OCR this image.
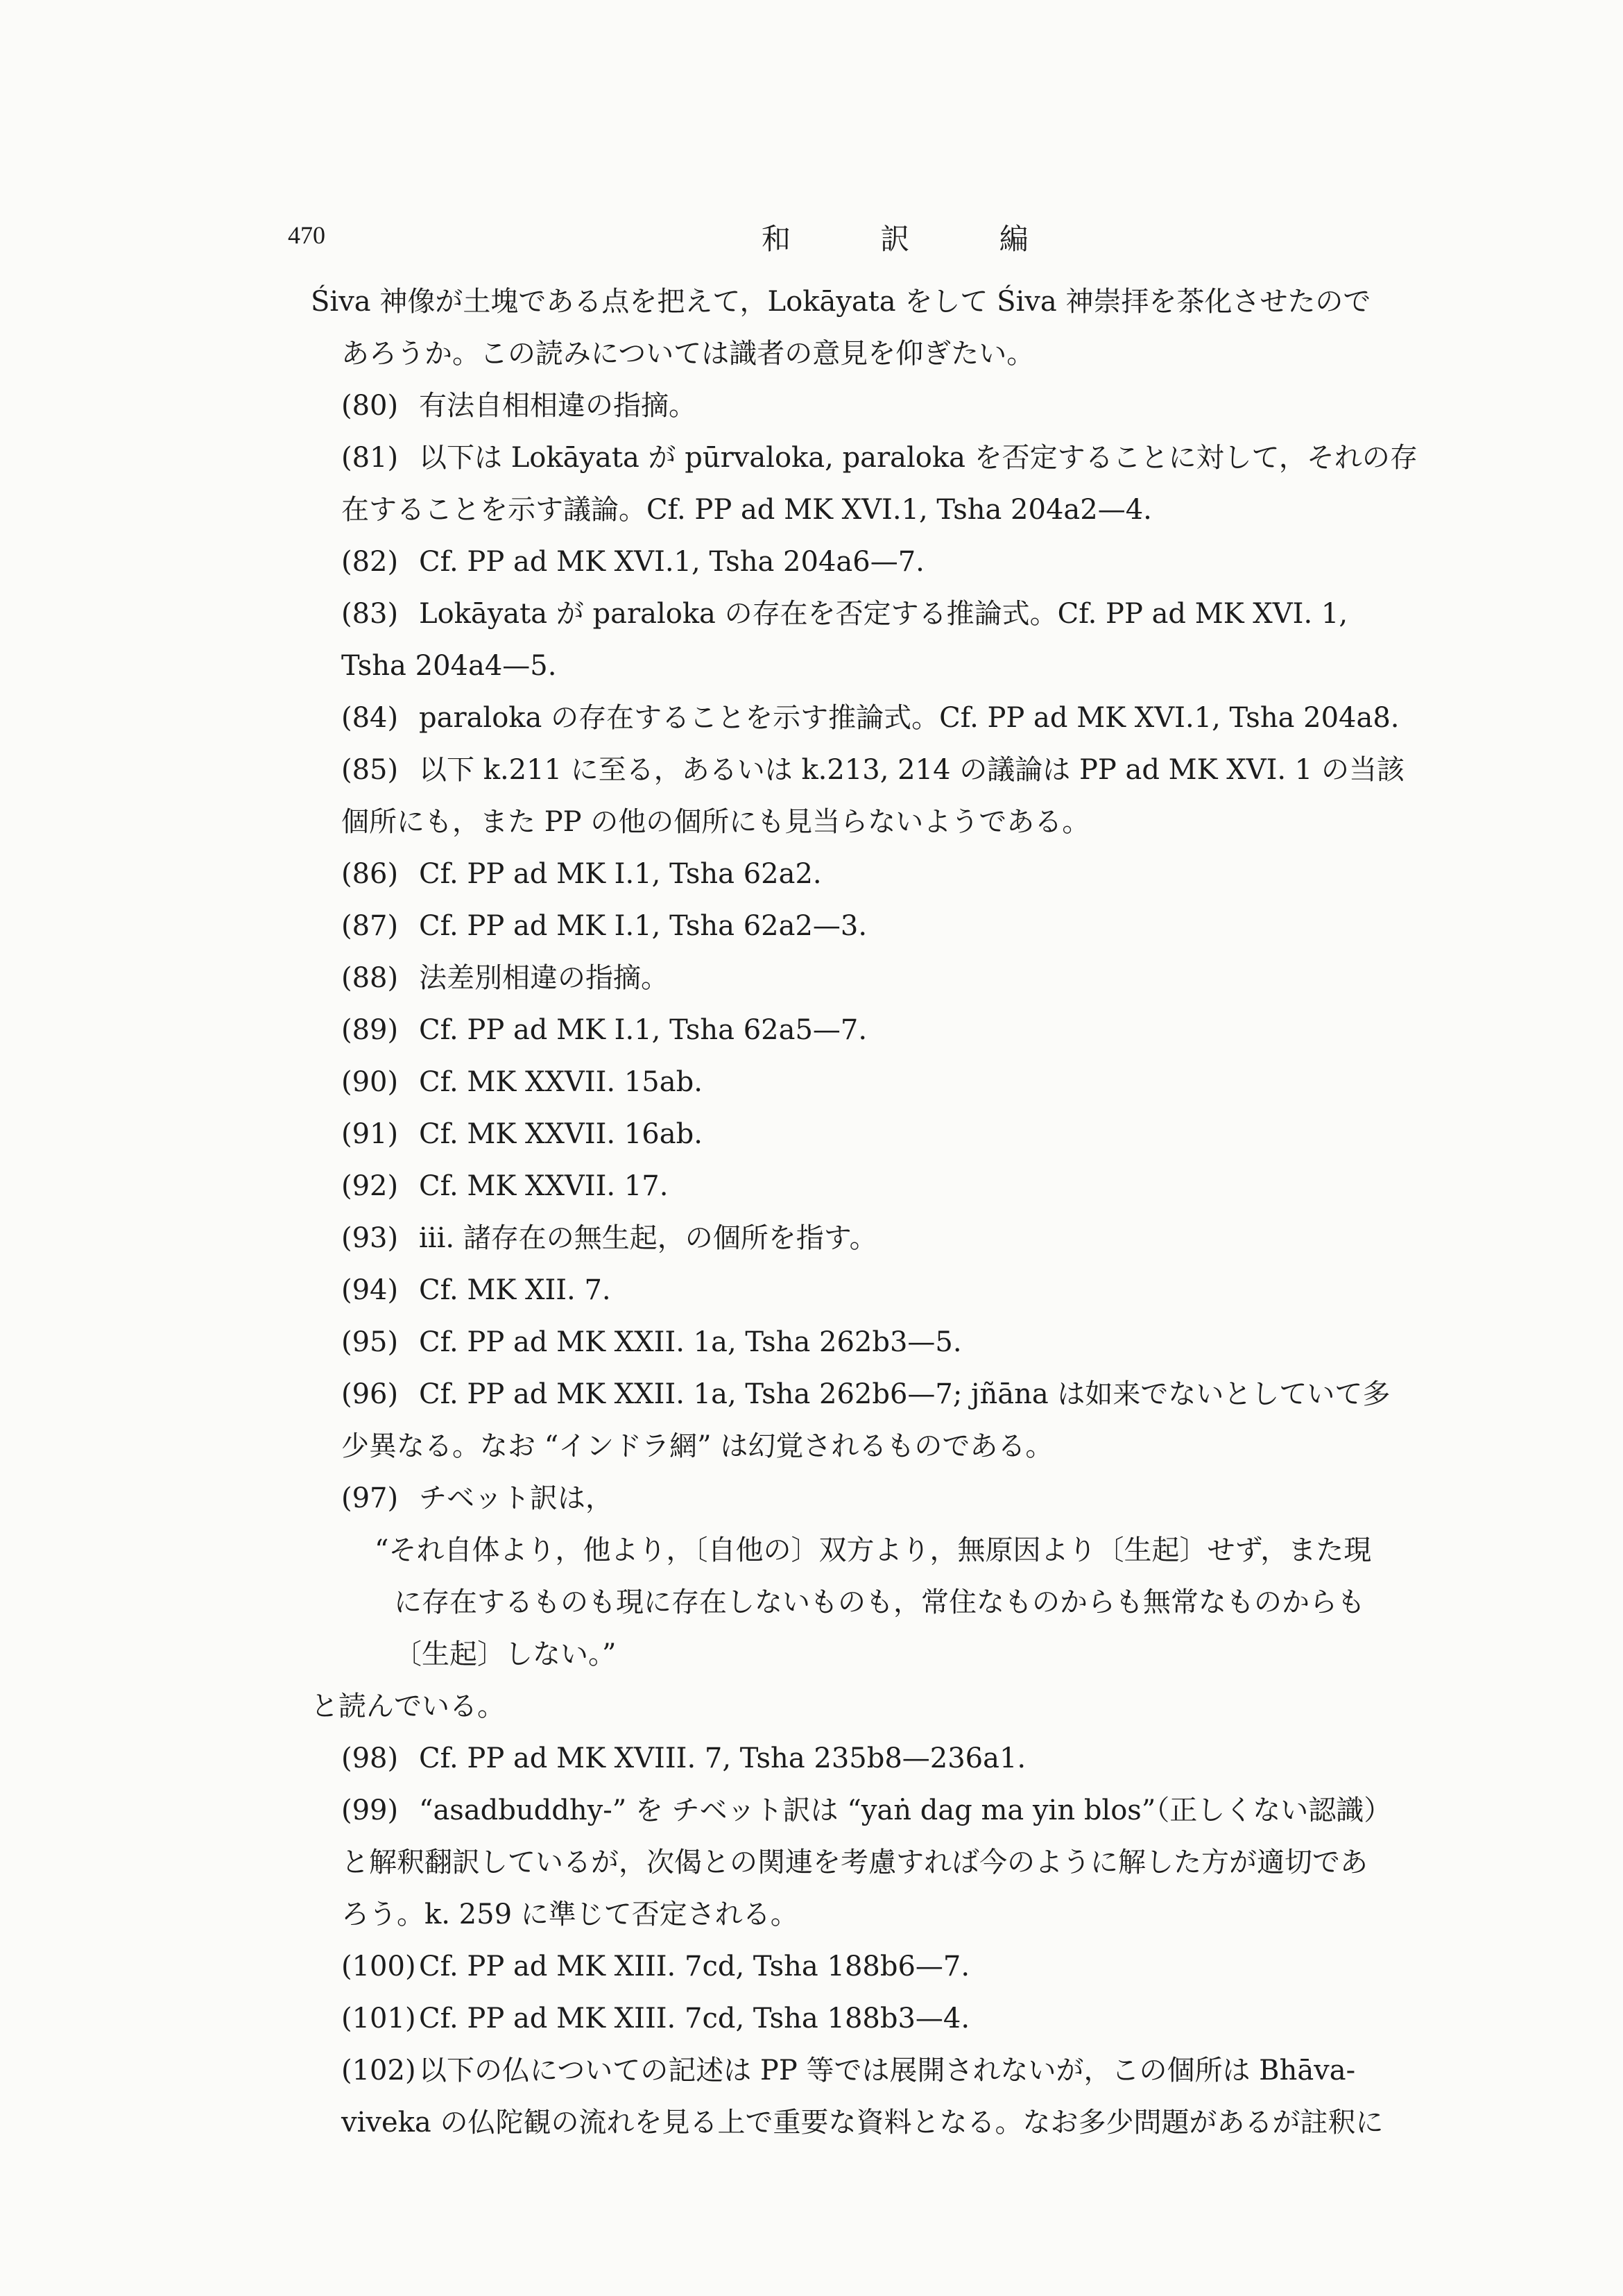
470	和 訳 編
Śiva 神像が土塊である点を把えて，Lokāyata をして Śiva 神崇拝を茶化させたので
あろうか。この読みについては識者の意見を仰ぎたい。
(80) 有法自相相違の指摘。
(81) 以下は Lokāyata が pūrvaloka, paraloka を否定することに対して，それの存
在することを示す議論。Cf. PP ad MK XVI.1, Tsha 204a2—4.
(82) Cf. PP ad MK XVI.1, Tsha 204a6—7.
(83) Lokāyata が paraloka の存在を否定する推論式。Cf. PP ad MK XVI. 1,
Tsha 204a4—5.
(84) paraloka の存在することを示す推論式。Cf. PP ad MK XVI.1, Tsha 204a8.
(85) 以下 k.211 に至る，あるいは k.213, 214 の議論は PP ad MK XVI. 1 の当該
個所にも，また PP の他の個所にも見当らないようである。
(86) Cf. PP ad MK I.1, Tsha 62a2.
(87) Cf. PP ad MK I.1, Tsha 62a2—3.
(88) 法差別相違の指摘。
(89) Cf. PP ad MK I.1, Tsha 62a5—7.
(90) Cf. MK XXVII. 15ab.
(91) Cf. MK XXVII. 16ab.
(92) Cf. MK XXVII. 17.
(93) iii. 諸存在の無生起，の個所を指す。
(94) Cf. MK XII. 7.
(95) Cf. PP ad MK XXII. 1a, Tsha 262b3—5.
(96) Cf. PP ad MK XXII. 1a, Tsha 262b6—7; jñāna は如来でないとしていて多
少異なる。なお “インドラ網” は幻覚されるものである。
(97) チベット訳は，
“それ自体より，他より，〔自他の〕双方より，無原因より〔生起〕せず，また現
に存在するものも現に存在しないものも，常住なものからも無常なものからも
〔生起〕しない。”
と読んでいる。
(98) Cf. PP ad MK XVIII. 7, Tsha 235b8—236a1.
(99) “asadbuddhy-” を チベット訳は “yaṅ dag ma yin blos”（正しくない認識）
と解釈翻訳しているが，次偈との関連を考慮すれば今のように解した方が適切であ
ろう。k. 259 に準じて否定される。
(100) Cf. PP ad MK XIII. 7cd, Tsha 188b6—7.
(101) Cf. PP ad MK XIII. 7cd, Tsha 188b3—4.
(102) 以下の仏についての記述は PP 等では展開されないが，この個所は Bhāva-
viveka の仏陀観の流れを見る上で重要な資料となる。なお多少問題があるが註釈に
